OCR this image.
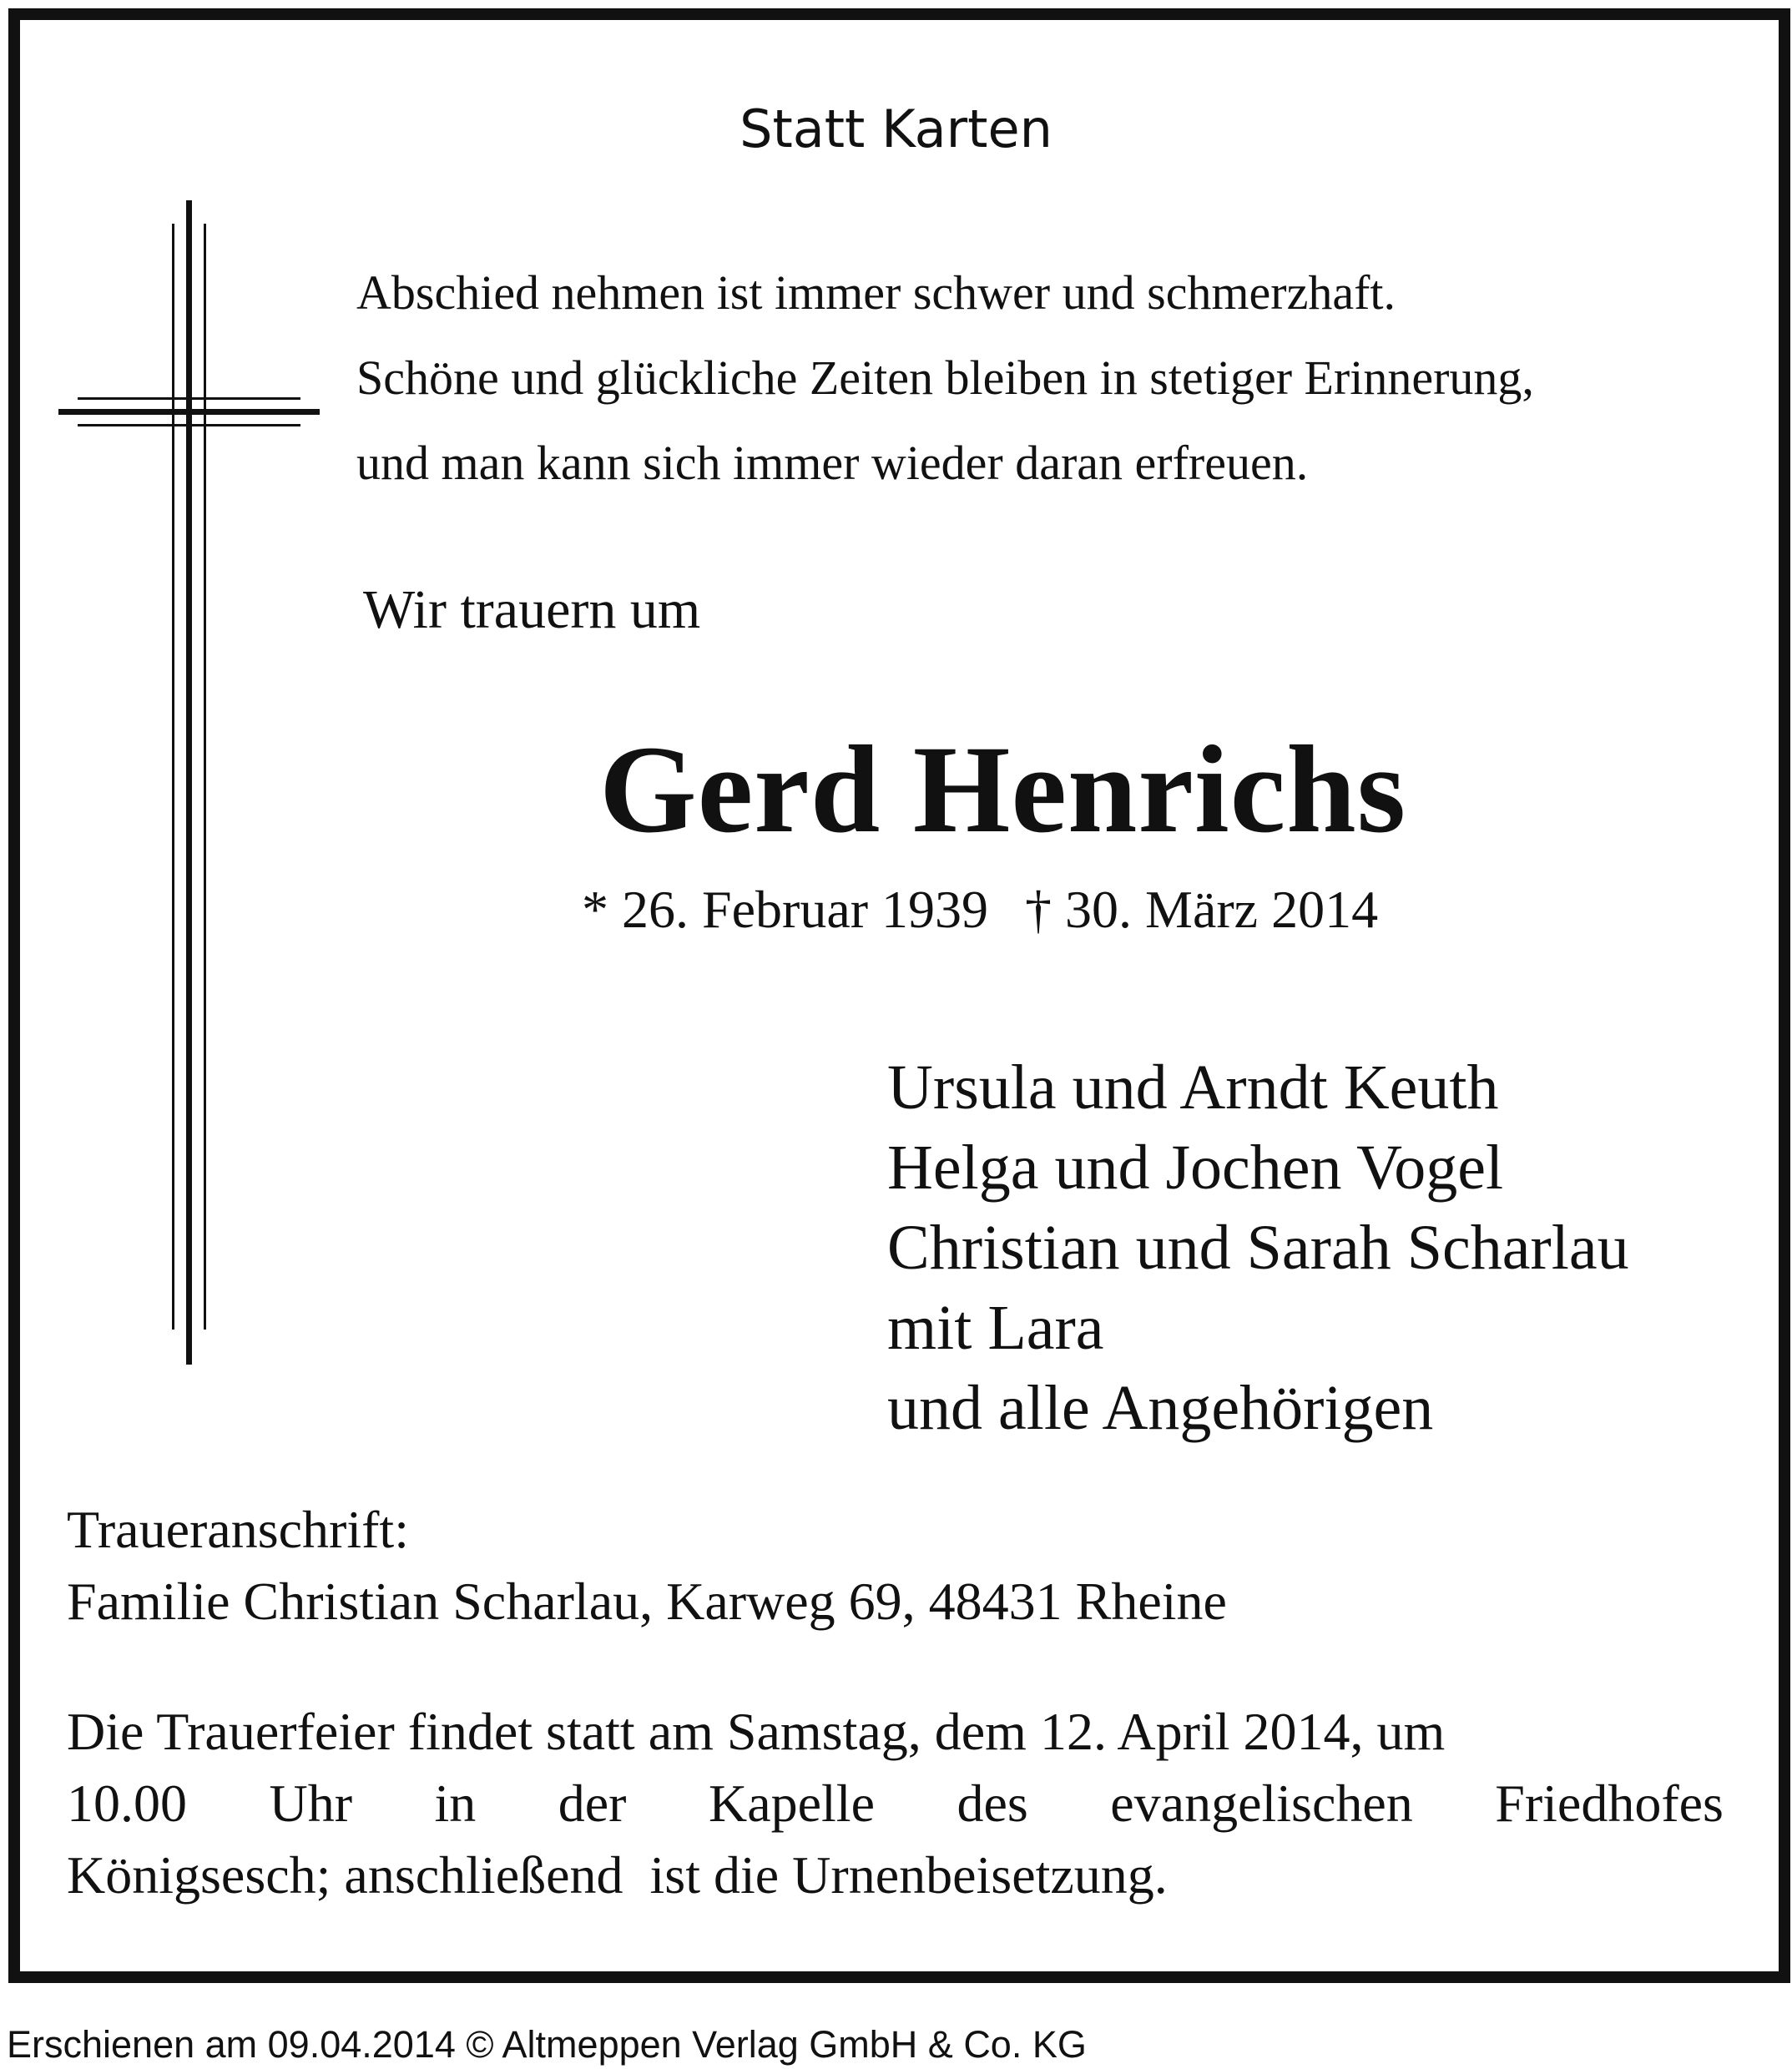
Statt Karten
Abschied nehmen ist immer schwer und schmerzhaft.
Schöne und glückliche Zeiten bleiben in stetiger Erinnerung,
und man kann sich immer wieder daran erfreuen.
Wir trauern um
Gerd Henrichs
* 26. Februar 1939 † 30. März 2014
Ursula und Arndt Keuth
Helga und Jochen Vogel
Christian und Sarah Scharlau
mit Lara
und alle Angehörigen
Traueranschrift:
Familie Christian Scharlau, Karweg 69, 48431 Rheine
Die Trauerfeier findet statt am Samstag, dem 12. April 2014, um
10.00 Uhr in der Kapelle des evangelischen Friedhofes
Königsesch; anschließend  ist die Urnenbeisetzung.
Erschienen am 09.04.2014 © Altmeppen Verlag GmbH & Co. KG
